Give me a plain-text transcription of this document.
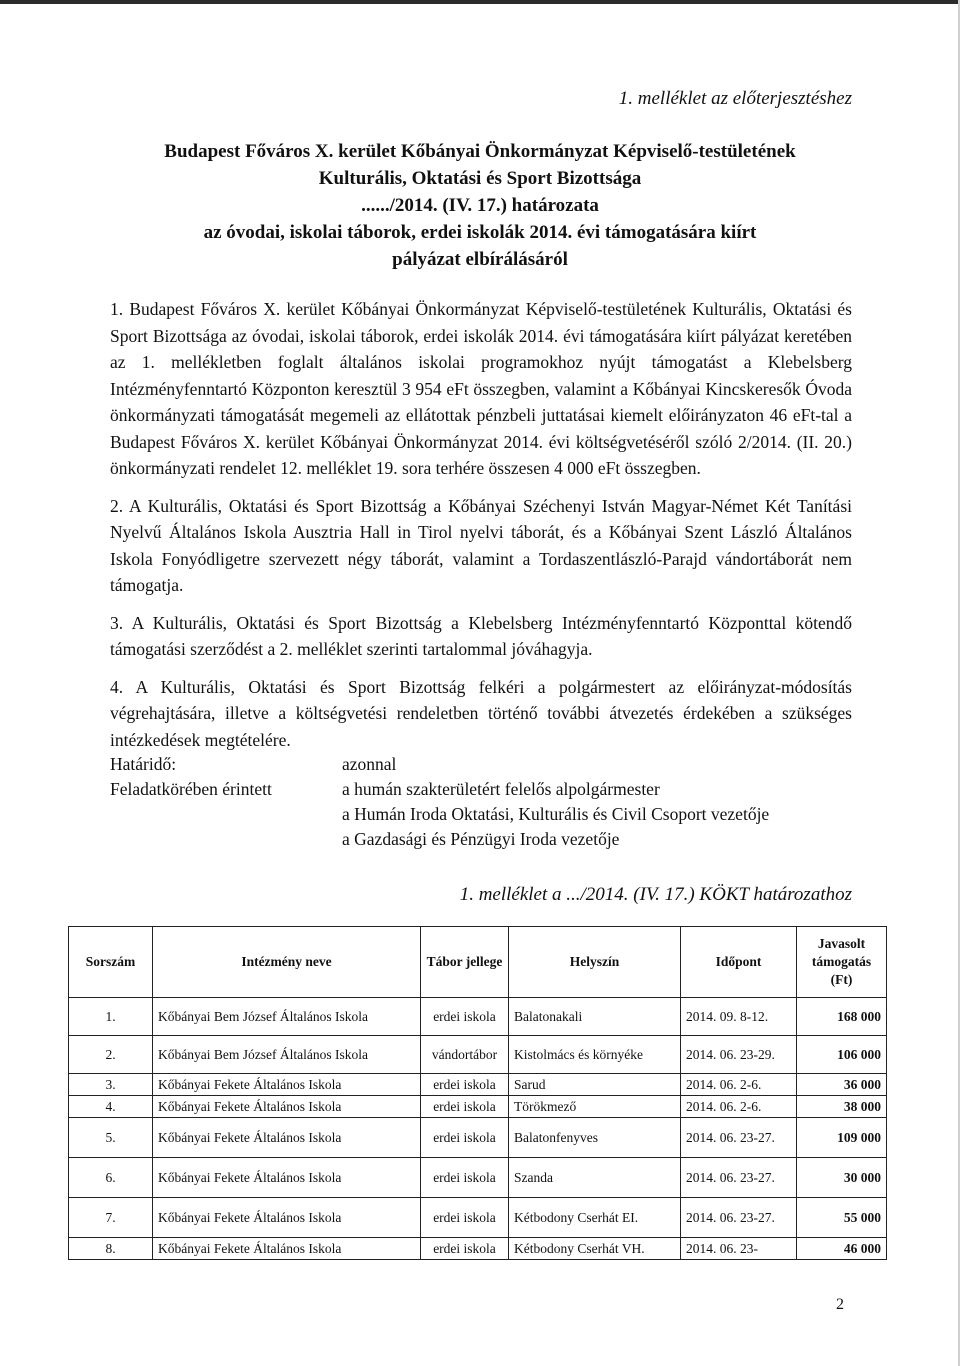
1. melléklet az előterjesztéshez
Budapest Főváros X. kerület Kőbányai Önkormányzat Képviselő-testületének
Kulturális, Oktatási és Sport Bizottsága
....../2014. (IV. 17.) határozata
az óvodai, iskolai táborok, erdei iskolák 2014. évi támogatására kiírt
pályázat elbírálásáról

1. Budapest Főváros X. kerület Kőbányai Önkormányzat Képviselő-testületének Kulturális, Oktatási és Sport Bizottsága az óvodai, iskolai táborok, erdei iskolák 2014. évi támogatására kiírt pályázat keretében az 1. mellékletben foglalt általános iskolai programokhoz nyújt támogatást a Klebelsberg Intézményfenntartó Központon keresztül 3 954 eFt összegben, valamint a Kőbányai Kincskeresők Óvoda önkormányzati támogatását megemeli az ellátottak pénzbeli juttatásai kiemelt előirányzaton 46 eFt-tal a Budapest Főváros X. kerület Kőbányai Önkormányzat 2014. évi költségvetéséről szóló 2/2014. (II. 20.) önkormányzati rendelet 12. melléklet 19. sora terhére összesen 4 000 eFt összegben.

2. A Kulturális, Oktatási és Sport Bizottság a Kőbányai Széchenyi István Magyar-Német Két Tanítási Nyelvű Általános Iskola Ausztria Hall in Tirol nyelvi táborát, és a Kőbányai Szent László Általános Iskola Fonyódligetre szervezett négy táborát, valamint a Tordaszentlászló-Parajd vándortáborát nem támogatja.

3. A Kulturális, Oktatási és Sport Bizottság a Klebelsberg Intézményfenntartó Központtal kötendő támogatási szerződést a 2. melléklet szerinti tartalommal jóváhagyja.

4. A Kulturális, Oktatási és Sport Bizottság felkéri a polgármestert az előirányzat-módosítás végrehajtására, illetve a költségvetési rendeletben történő további átvezetés érdekében a szükséges intézkedések megtételére.

Határidő:	azonnal
Feladatkörében érintett	a humán szakterületért felelős alpolgármester
a Humán Iroda Oktatási, Kulturális és Civil Csoport vezetője
a Gazdasági és Pénzügyi Iroda vezetője
1. melléklet a .../2014. (IV. 17.) KÖKT határozathoz
Sorszám	Intézmény neve	Tábor jellege	Helyszín	Időpont	Javasolt támogatás (Ft)
1.	Kőbányai Bem József Általános Iskola	erdei iskola	Balatonakali	2014. 09. 8-12.	168 000
2.	Kőbányai Bem József Általános Iskola	vándortábor	Kistolmács és környéke	2014. 06. 23-29.	106 000
3.	Kőbányai Fekete Általános Iskola	erdei iskola	Sarud	2014. 06. 2-6.	36 000
4.	Kőbányai Fekete Általános Iskola	erdei iskola	Törökmező	2014. 06. 2-6.	38 000
5.	Kőbányai Fekete Általános Iskola	erdei iskola	Balatonfenyves	2014. 06. 23-27.	109 000
6.	Kőbányai Fekete Általános Iskola	erdei iskola	Szanda	2014. 06. 23-27.	30 000
7.	Kőbányai Fekete Általános Iskola	erdei iskola	Kétbodony Cserhát EI.	2014. 06. 23-27.	55 000
8.	Kőbányai Fekete Általános Iskola	erdei iskola	Kétbodony Cserhát VH.	2014. 06. 23-	46 000
2
